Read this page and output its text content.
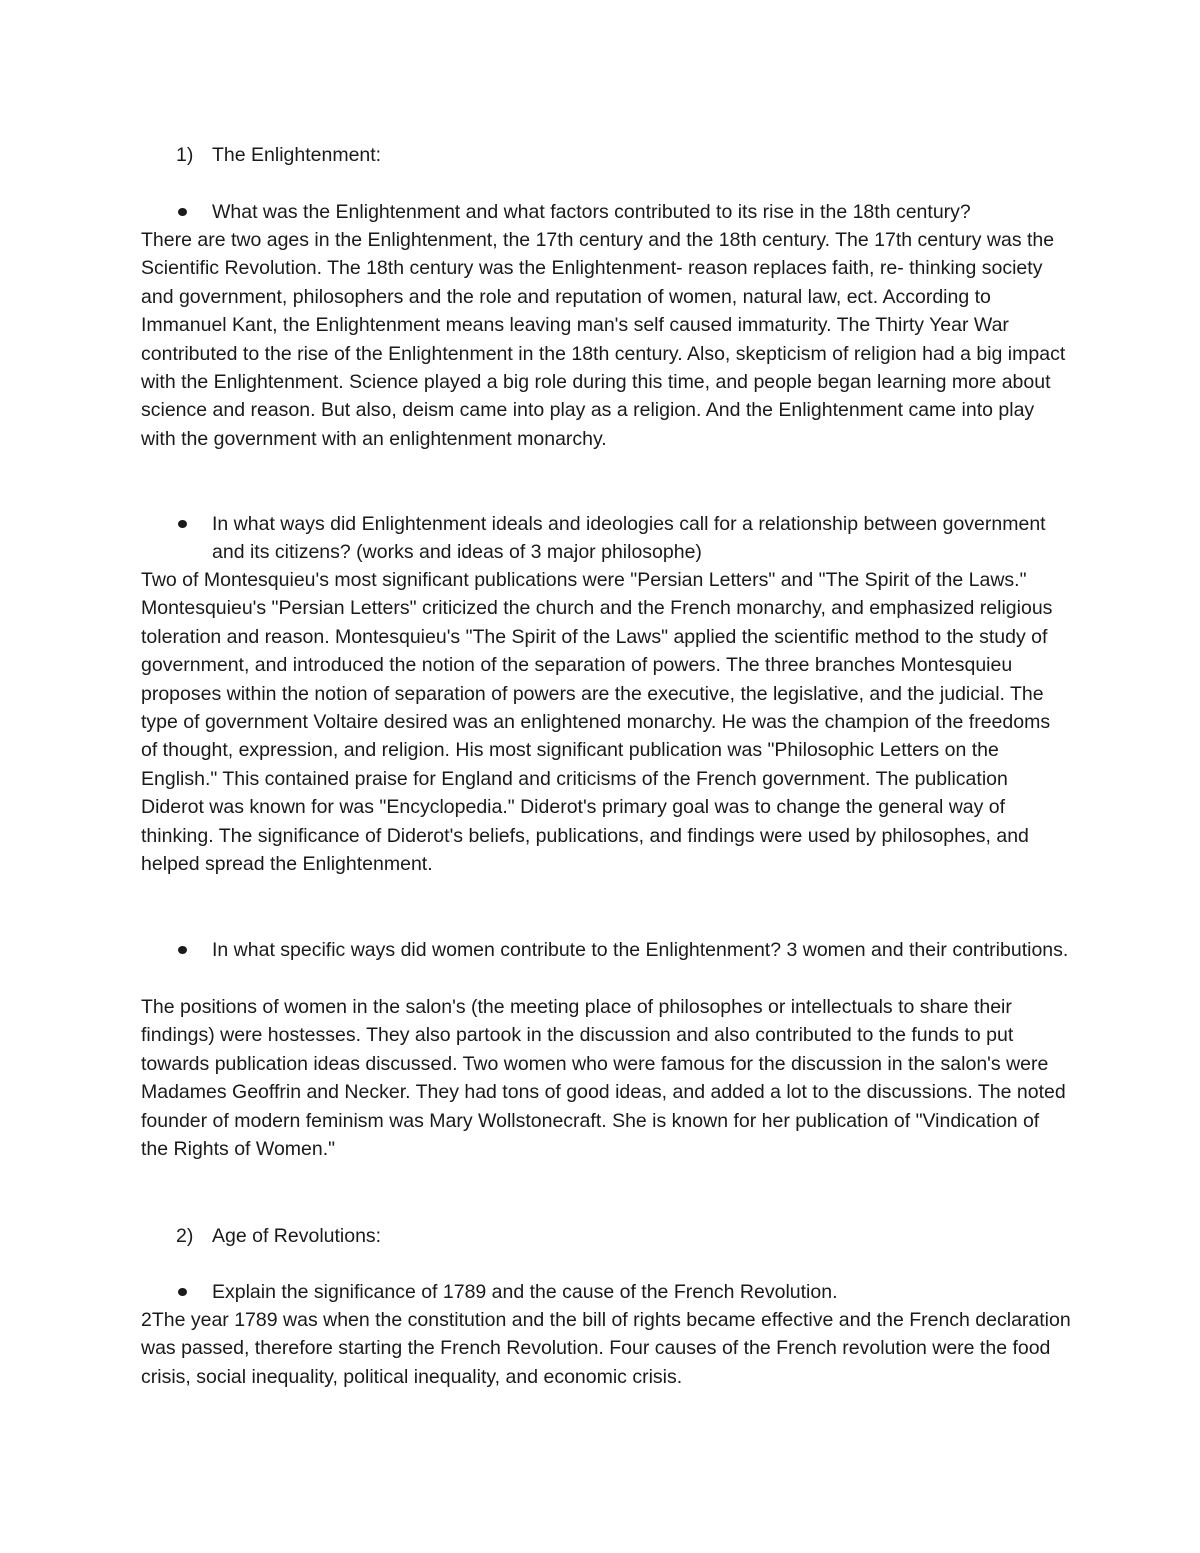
1) The Enlightenment:
What was the Enlightenment and what factors contributed to its rise in the 18th century?
There are two ages in the Enlightenment, the 17th century and the 18th century. The 17th century was the Scientific Revolution. The 18th century was the Enlightenment- reason replaces faith, re- thinking society and government, philosophers and the role and reputation of women, natural law, ect. According to Immanuel Kant, the Enlightenment means leaving man's self caused immaturity. The Thirty Year War contributed to the rise of the Enlightenment in the 18th century. Also, skepticism of religion had a big impact with the Enlightenment. Science played a big role during this time, and people began learning more about science and reason. But also, deism came into play as a religion. And the Enlightenment came into play with the government with an enlightenment monarchy.
In what ways did Enlightenment ideals and ideologies call for a relationship between government and its citizens? (works and ideas of 3 major philosophe)
Two of Montesquieu's most significant publications were "Persian Letters" and "The Spirit of the Laws." Montesquieu's "Persian Letters" criticized the church and the French monarchy, and emphasized religious toleration and reason. Montesquieu's "The Spirit of the Laws" applied the scientific method to the study of government, and introduced the notion of the separation of powers. The three branches Montesquieu proposes within the notion of separation of powers are the executive, the legislative, and the judicial. The type of government Voltaire desired was an enlightened monarchy. He was the champion of the freedoms of thought, expression, and religion. His most significant publication was "Philosophic Letters on the English." This contained praise for England and criticisms of the French government. The publication Diderot was known for was "Encyclopedia." Diderot's primary goal was to change the general way of thinking. The significance of Diderot's beliefs, publications, and findings were used by philosophes, and helped spread the Enlightenment.
In what specific ways did women contribute to the Enlightenment? 3 women and their contributions.
The positions of women in the salon's (the meeting place of philosophes or intellectuals to share their findings) were hostesses. They also partook in the discussion and also contributed to the funds to put towards publication ideas discussed. Two women who were famous for the discussion in the salon's were Madames Geoffrin and Necker. They had tons of good ideas, and added a lot to the discussions. The noted founder of modern feminism was Mary Wollstonecraft. She is known for her publication of "Vindication of the Rights of Women."
2) Age of Revolutions:
Explain the significance of 1789 and the cause of the French Revolution.
2The year 1789 was when the constitution and the bill of rights became effective and the French declaration was passed, therefore starting the French Revolution. Four causes of the French revolution were the food crisis, social inequality, political inequality, and economic crisis.
